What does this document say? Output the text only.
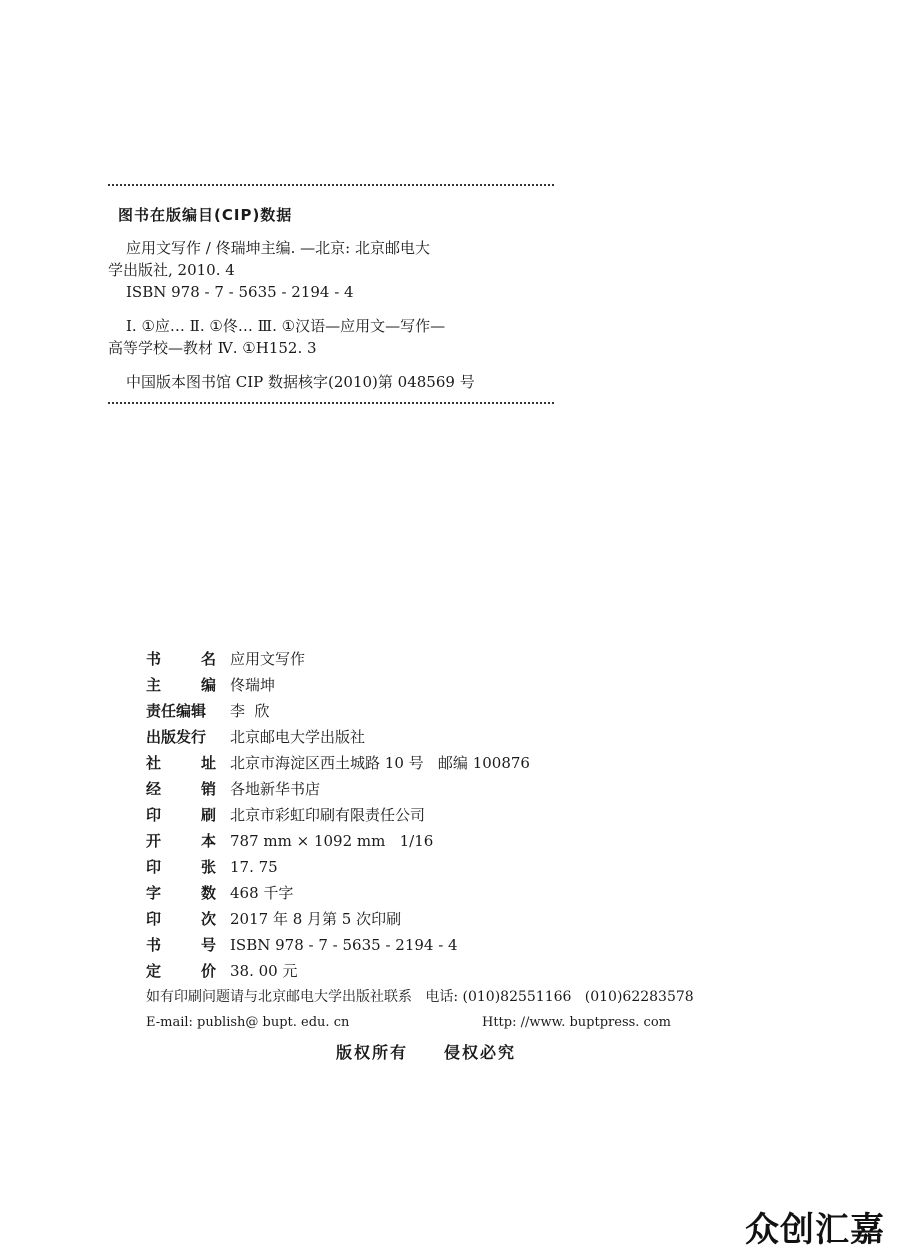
图书在版编目(CIP)数据
应用文写作 / 佟瑞坤主编. —北京: 北京邮电大
学出版社, 2010. 4
ISBN 978 - 7 - 5635 - 2194 - 4
Ⅰ. ①应… Ⅱ. ①佟… Ⅲ. ①汉语—应用文—写作—
高等学校—教材 Ⅳ. ①H152. 3
中国版本图书馆 CIP 数据核字(2010)第 048569 号
书	名 应用文写作
主	编 佟瑞坤
责任编辑 李  欣
出版发行 北京邮电大学出版社
社	址 北京市海淀区西土城路 10 号   邮编 100876
经	销 各地新华书店
印	刷 北京市彩虹印刷有限责任公司
开	本 787 mm × 1092 mm   1/16
印	张 17. 75
字	数 468 千字
印	次 2017 年 8 月第 5 次印刷
书	号 ISBN 978 - 7 - 5635 - 2194 - 4
定	价 38. 00 元
如有印刷问题请与北京邮电大学出版社联系   电话: (010)82551166   (010)62283578
E-mail: publish@ bupt. edu. cn	Http: //www. buptpress. com
版权所有 侵权必究
众创汇嘉
